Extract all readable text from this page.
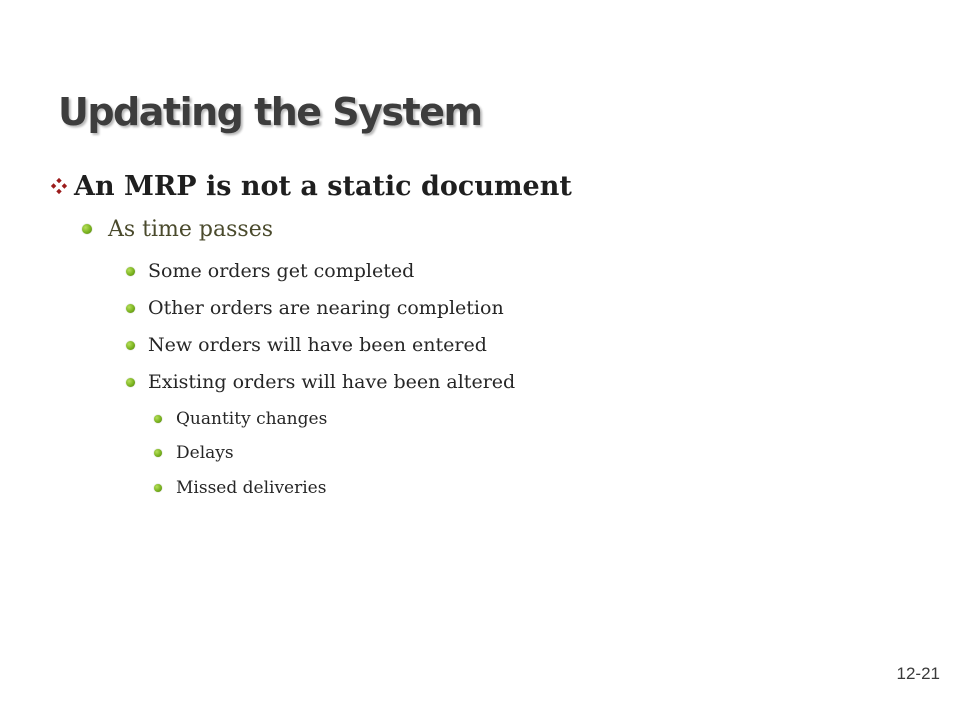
Updating the System
An MRP is not a static document
As time passes
Some orders get completed
Other orders are nearing completion
New orders will have been entered
Existing orders will have been altered
Quantity changes
Delays
Missed deliveries
12-21
